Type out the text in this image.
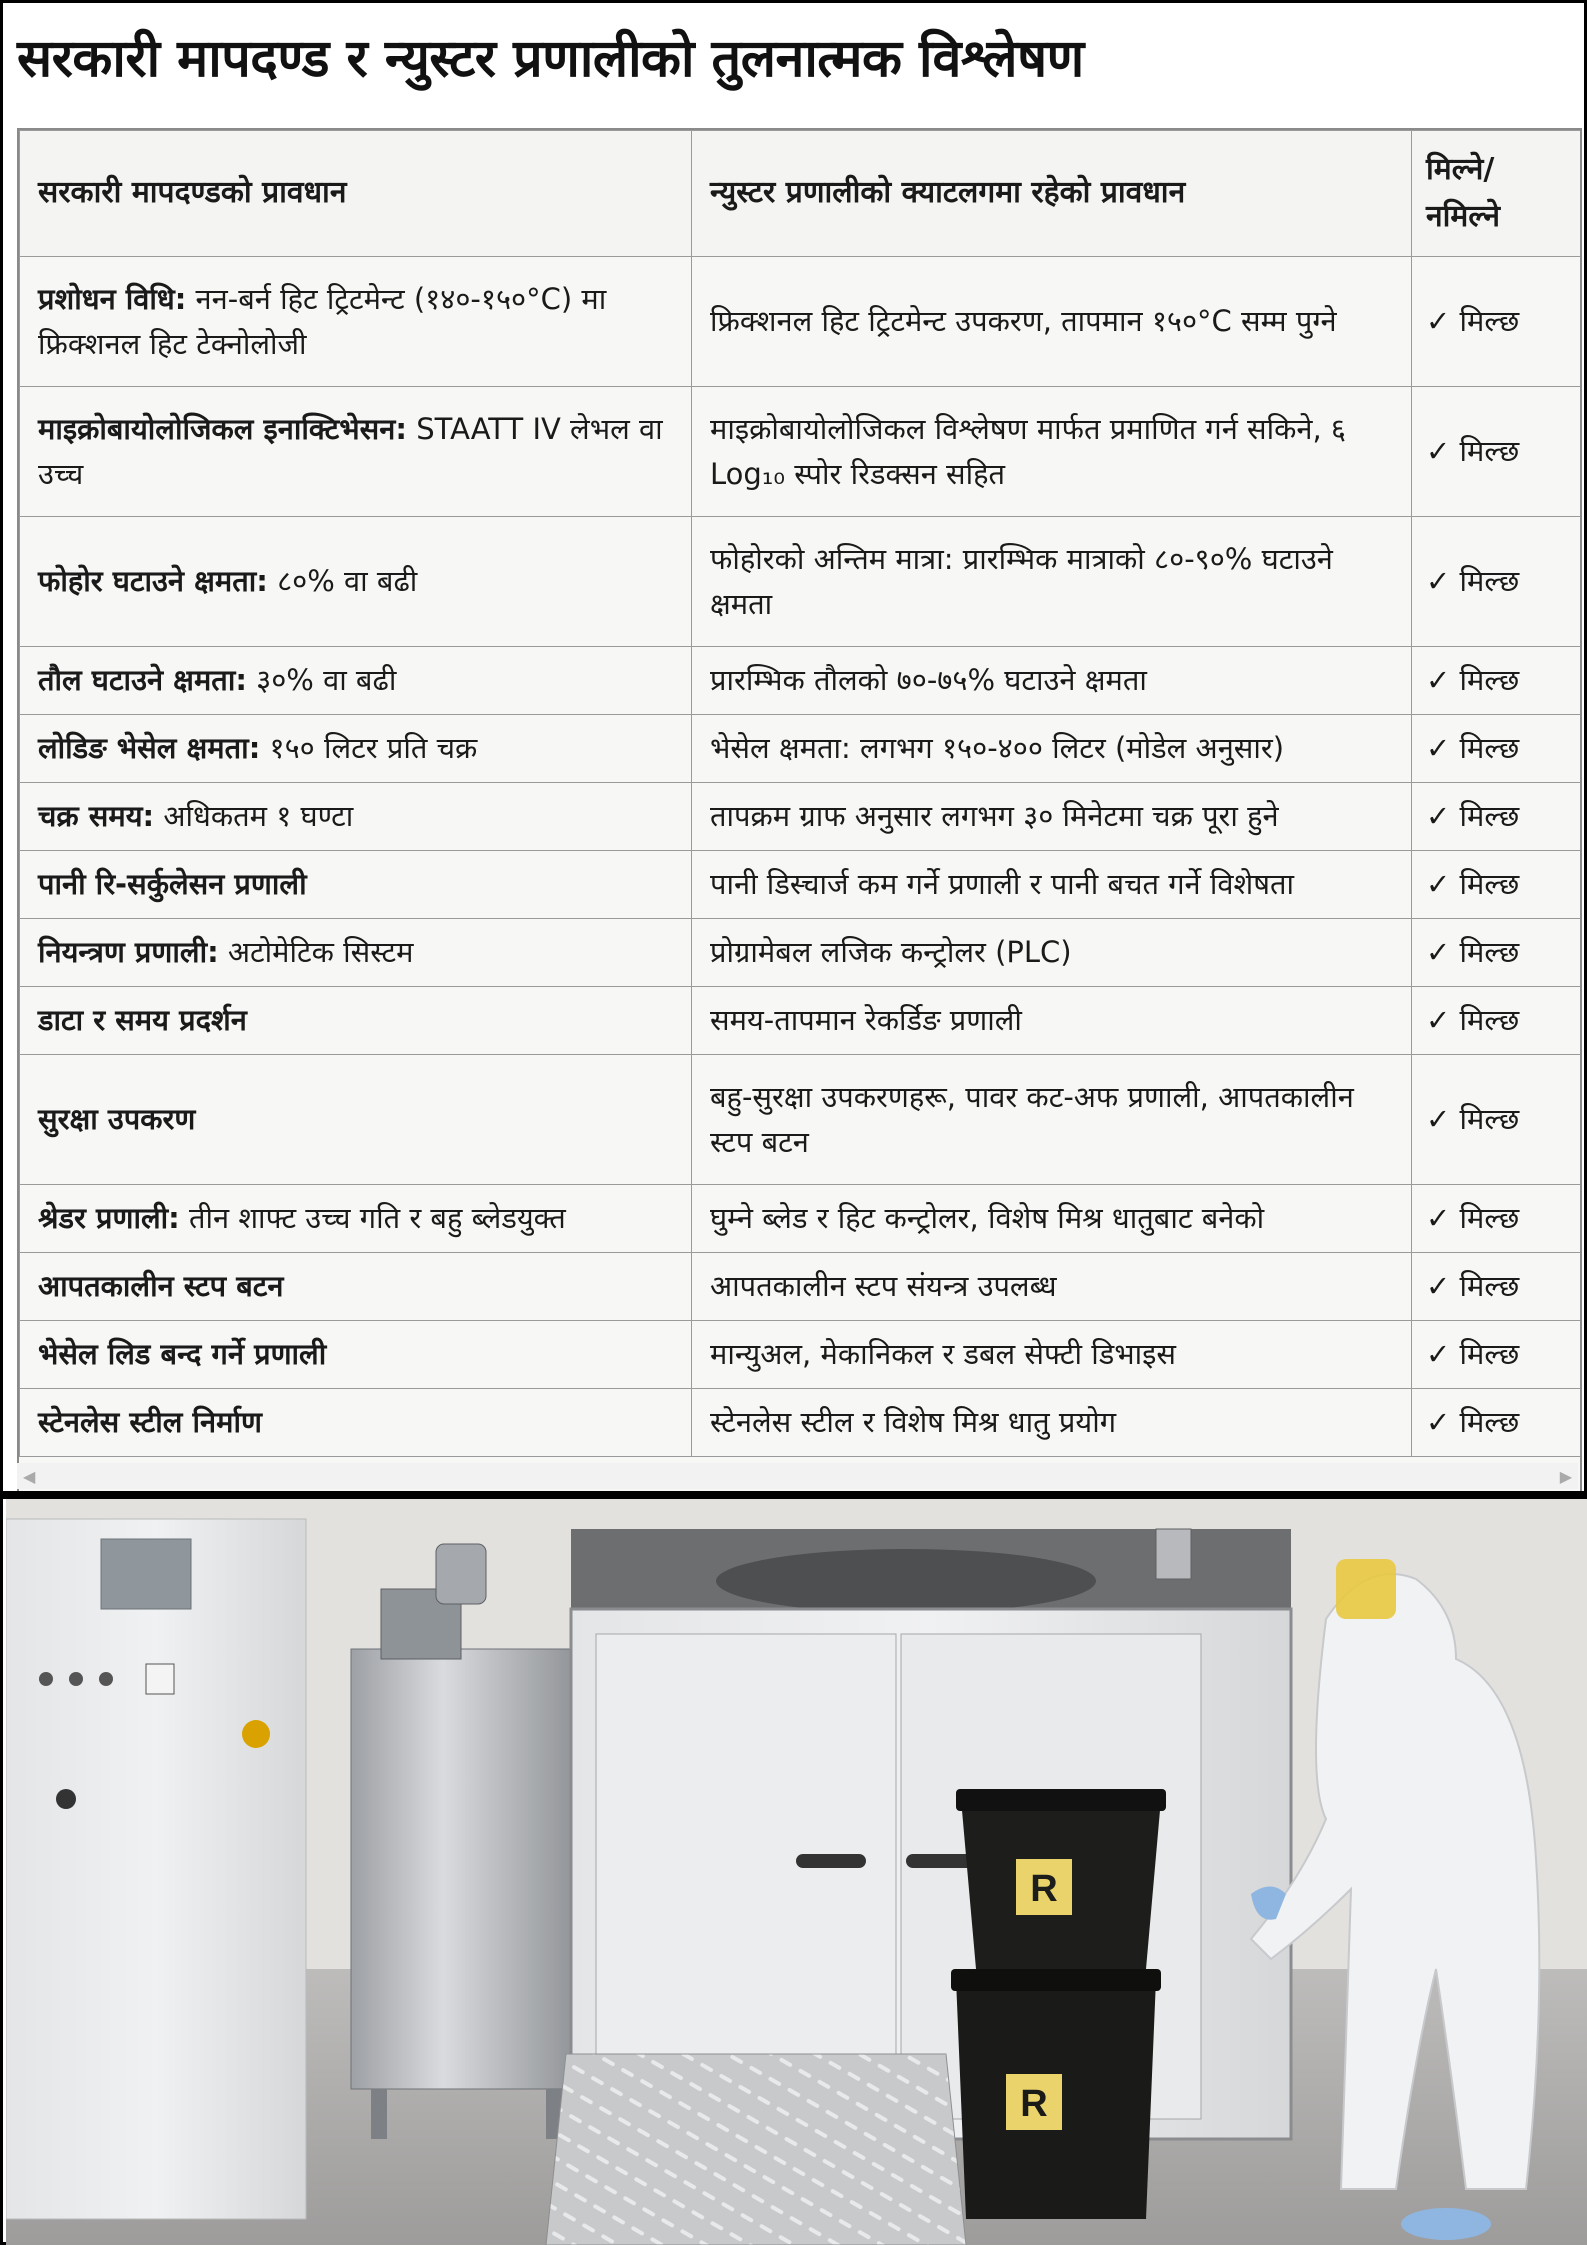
सरकारी मापदण्ड र न्युस्टर प्रणालीको तुलनात्मक विश्लेषण
सरकारी मापदण्डको प्रावधान	न्युस्टर प्रणालीको क्याटलगमा रहेको प्रावधान	मिल्ने/नमिल्ने
प्रशोधन विधि: नन-बर्न हिट ट्रिटमेन्ट (१४०-१५०°C) मा फ्रिक्शनल हिट टेक्नोलोजी	फ्रिक्शनल हिट ट्रिटमेन्ट उपकरण, तापमान १५०°C सम्म पुग्ने	✓ मिल्छ
माइक्रोबायोलोजिकल इनाक्टिभेसन: STAATT IV लेभल वा उच्च	माइक्रोबायोलोजिकल विश्लेषण मार्फत प्रमाणित गर्न सकिने, ६ Log₁₀ स्पोर रिडक्सन सहित	✓ मिल्छ
फोहोर घटाउने क्षमता: ८०% वा बढी	फोहोरको अन्तिम मात्रा: प्रारम्भिक मात्राको ८०-९०% घटाउने क्षमता	✓ मिल्छ
तौल घटाउने क्षमता: ३०% वा बढी	प्रारम्भिक तौलको ७०-७५% घटाउने क्षमता	✓ मिल्छ
लोडिङ भेसेल क्षमता: १५० लिटर प्रति चक्र	भेसेल क्षमता: लगभग १५०-४०० लिटर (मोडेल अनुसार)	✓ मिल्छ
चक्र समय: अधिकतम १ घण्टा	तापक्रम ग्राफ अनुसार लगभग ३० मिनेटमा चक्र पूरा हुने	✓ मिल्छ
पानी रि-सर्कुलेसन प्रणाली	पानी डिस्चार्ज कम गर्ने प्रणाली र पानी बचत गर्ने विशेषता	✓ मिल्छ
नियन्त्रण प्रणाली: अटोमेटिक सिस्टम	प्रोग्रामेबल लजिक कन्ट्रोलर (PLC)	✓ मिल्छ
डाटा र समय प्रदर्शन	समय-तापमान रेकर्डिङ प्रणाली	✓ मिल्छ
सुरक्षा उपकरण	बहु-सुरक्षा उपकरणहरू, पावर कट-अफ प्रणाली, आपतकालीन स्टप बटन	✓ मिल्छ
श्रेडर प्रणाली: तीन शाफ्ट उच्च गति र बहु ब्लेडयुक्त	घुम्ने ब्लेड र हिट कन्ट्रोलर, विशेष मिश्र धातुबाट बनेको	✓ मिल्छ
आपतकालीन स्टप बटन	आपतकालीन स्टप संयन्त्र उपलब्ध	✓ मिल्छ
भेसेल लिड बन्द गर्ने प्रणाली	मान्युअल, मेकानिकल र डबल सेफ्टी डिभाइस	✓ मिल्छ
स्टेनलेस स्टील निर्माण	स्टेनलेस स्टील र विशेष मिश्र धातु प्रयोग	✓ मिल्छ
◀	▶
R
R
